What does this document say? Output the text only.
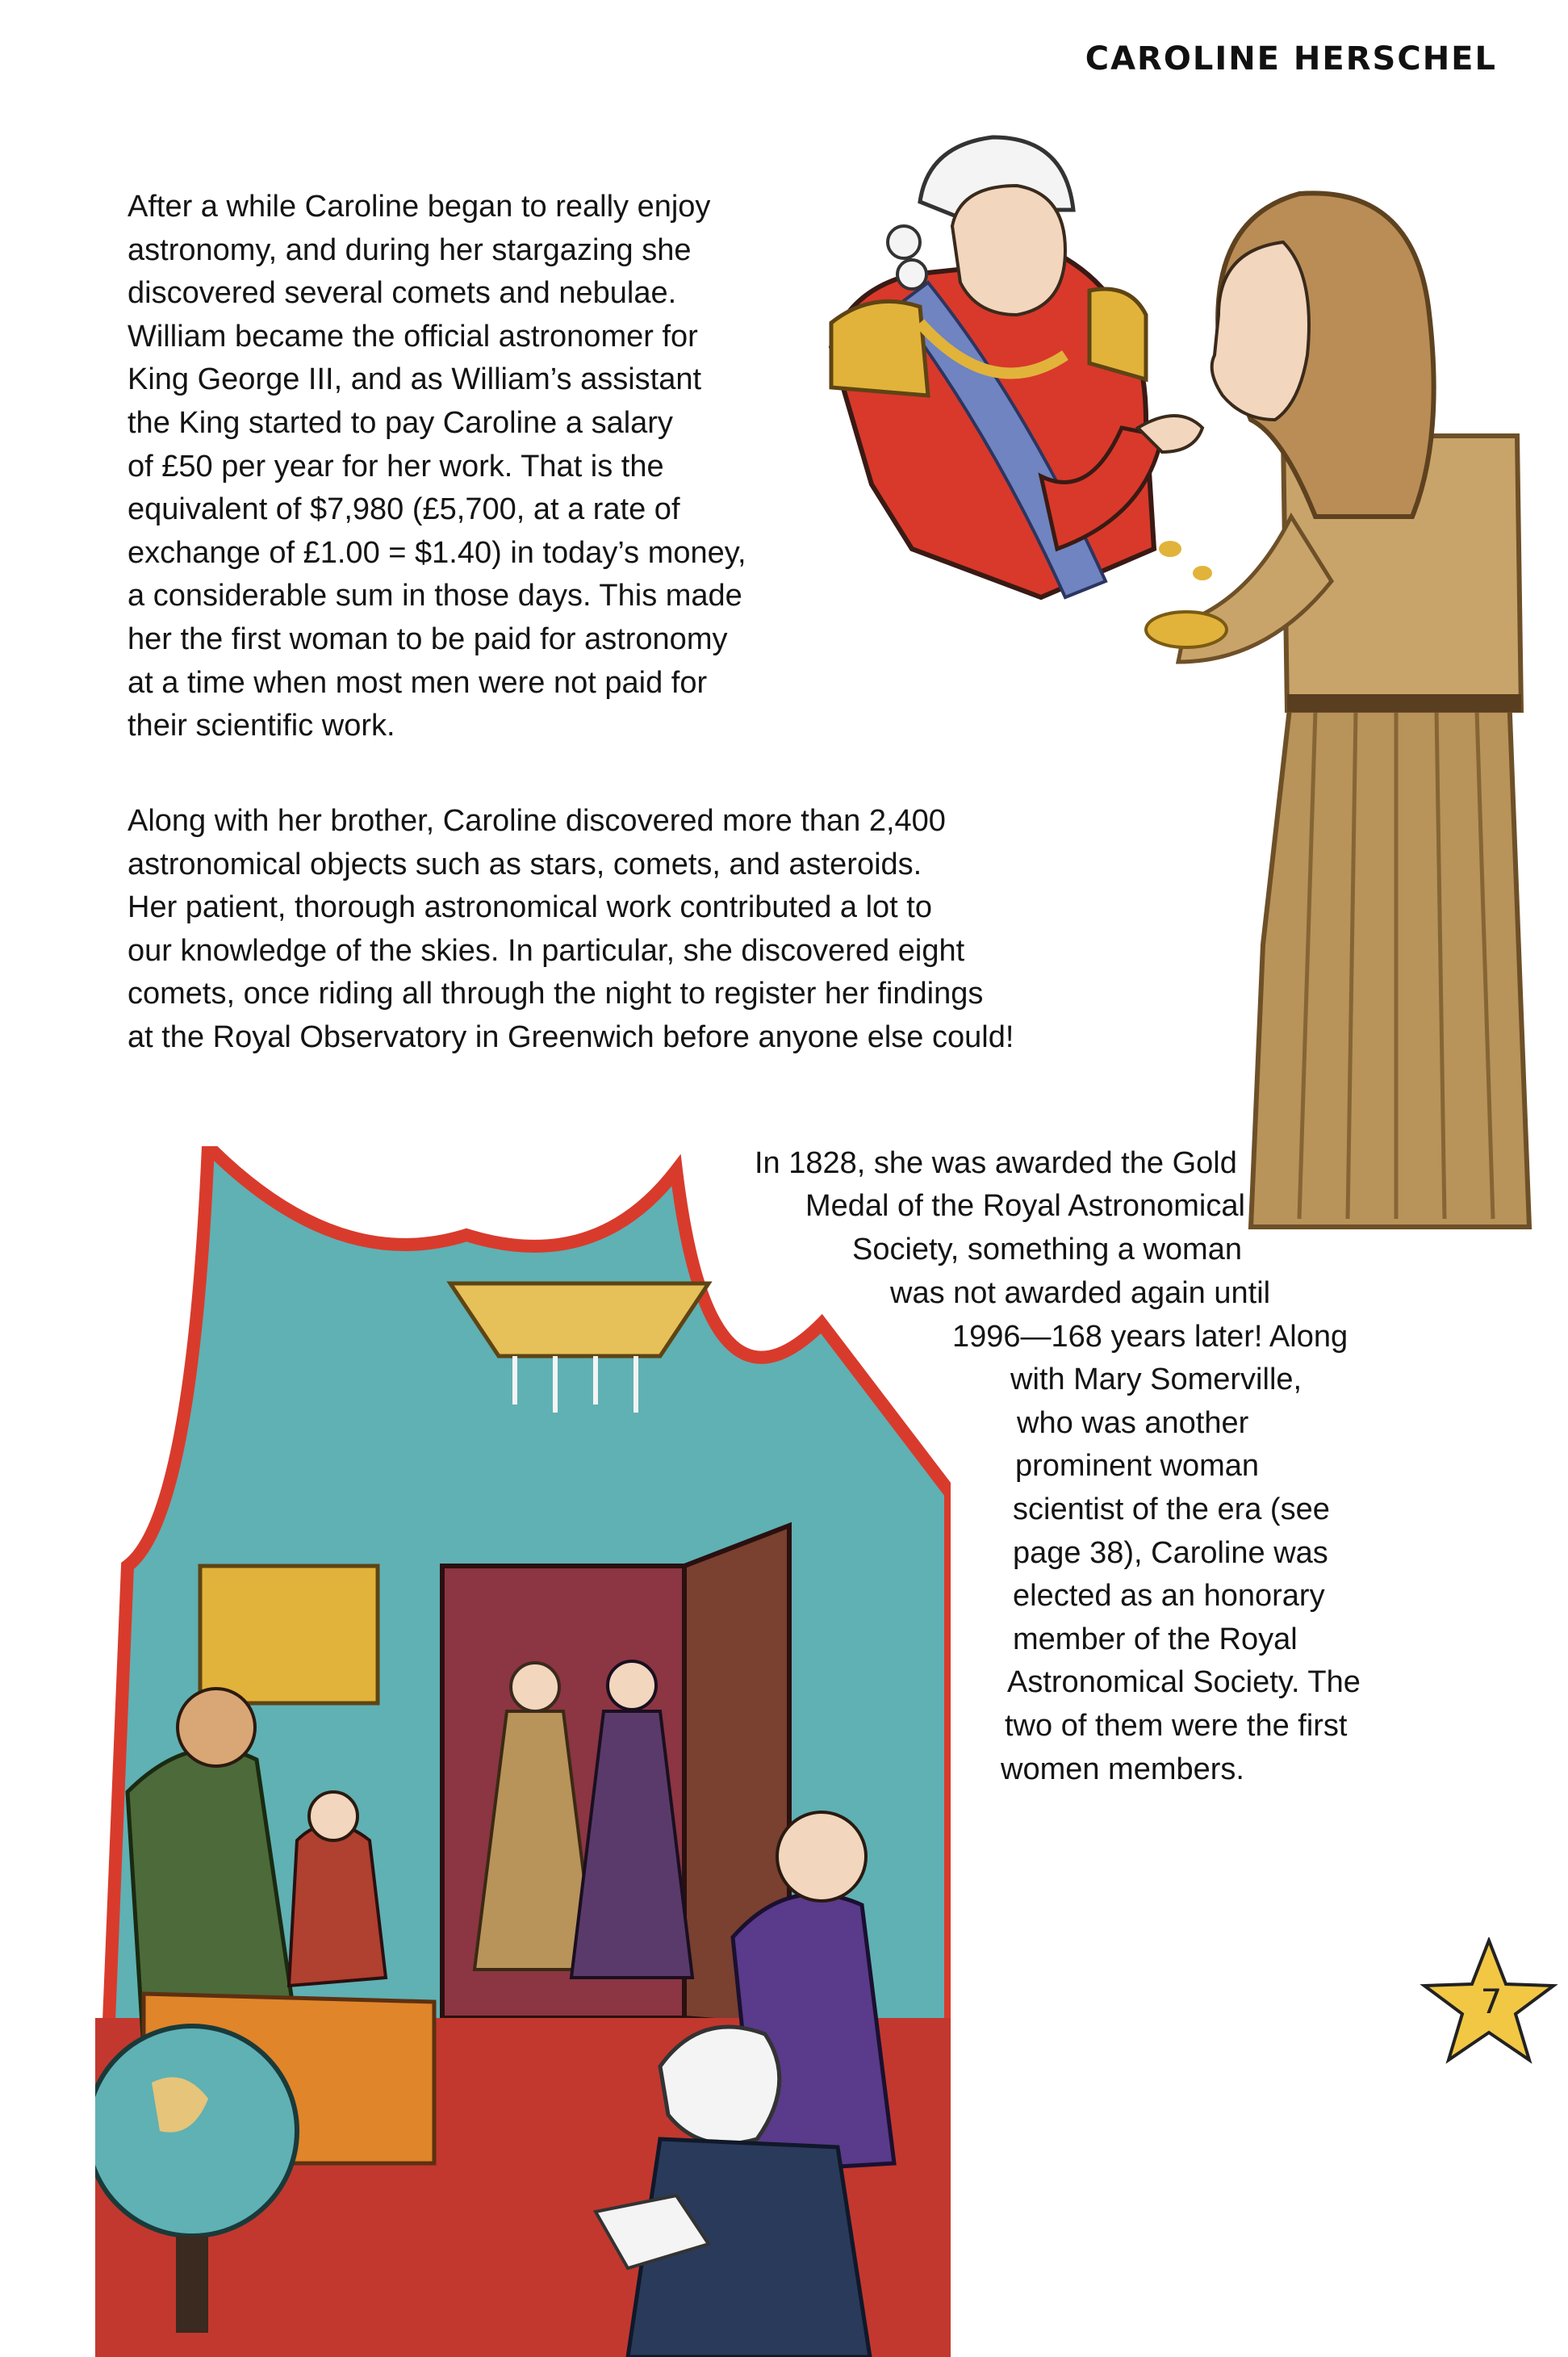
CAROLINE HERSCHEL
After a while Caroline began to really enjoy
astronomy, and during her stargazing she
discovered several comets and nebulae.
William became the official astronomer for
King George III, and as William’s assistant
the King started to pay Caroline a salary
of £50 per year for her work. That is the
equivalent of $7,980 (£5,700, at a rate of
exchange of £1.00 = $1.40) in today’s money,
a considerable sum in those days. This made
her the first woman to be paid for astronomy
at a time when most men were not paid for
their scientific work.
Along with her brother, Caroline discovered more than 2,400
astronomical objects such as stars, comets, and asteroids.
Her patient, thorough astronomical work contributed a lot to
our knowledge of the skies. In particular, she discovered eight
comets, once riding all through the night to register her findings
at the Royal Observatory in Greenwich before anyone else could!
In 1828, she was awarded the Gold
Medal of the Royal Astronomical
Society, something a woman
was not awarded again until
1996—168 years later! Along
with Mary Somerville,
who was another
prominent woman
scientist of the era (see
page 38), Caroline was
elected as an honorary
member of the Royal
Astronomical Society. The
two of them were the first
women members.
7
